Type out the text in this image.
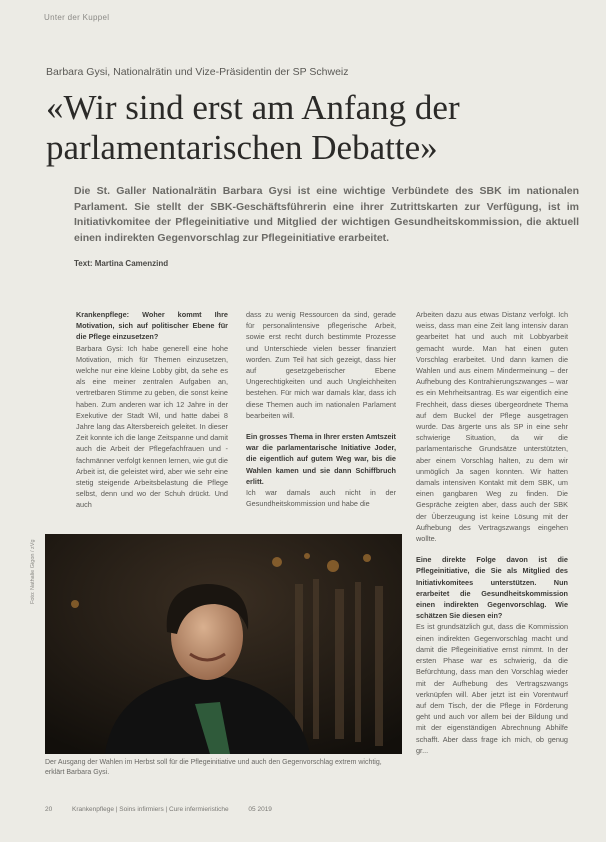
Unter der Kuppel
Barbara Gysi, Nationalrätin und Vize-Präsidentin der SP Schweiz
«Wir sind erst am Anfang der parlamentarischen Debatte»

Die St. Galler Nationalrätin Barbara Gysi ist eine wichtige Verbündete des SBK im nationalen Parlament. Sie stellt der SBK-Geschäftsführerin eine ihrer Zutrittskarten zur Verfügung, ist im Initiativkomitee der Pflegeinitiative und Mitglied der wichtigen Gesundheitskommission, die aktuell einen indirekten Gegenvorschlag zur Pflegeinitiative erarbeitet.

Text: Martina Camenzind

Krankenpflege: Woher kommt Ihre Motivation, sich auf politischer Ebene für die Pflege einzusetzen?

Barbara Gysi: Ich habe generell eine hohe Motivation, mich für Themen einzusetzen, welche nur eine kleine Lobby gibt, da sehe es als eine meiner zentralen Aufgaben an, vertretbaren Stimme zu geben, die sonst keine haben. Zum anderen war ich 12 Jahre in der Exekutive der Stadt Wil, und hatte dabei 8 Jahre lang das Altersbereich geleitet. In dieser Zeit konnte ich die lange Zeitspanne und damit auch die Arbeit der Pflegefachfrauen und -fachmänner verfolgt kennen lernen, wie gut die Arbeit ist, die geleistet wird, aber wie sehr eine stetig steigende Arbeitsbelastung die Pflege selbst, denn und wo der Schuh drückt. Und auch

dass zu wenig Ressourcen da sind, gerade für personalintensive pflegerische Arbeit, sowie erst recht durch bestimmte Prozesse und Unterschiede vielen besser finanziert worden. Zum Teil hat sich gezeigt, dass hier auf gesetzgeberischer Ebene Ungerechtigkeiten und auch Ungleichheiten bestehen. Für mich war damals klar, dass ich diese Themen auch im nationalen Parlament bearbeiten will.

Ein grosses Thema in Ihrer ersten Amtszeit war die parlamentarische Initiative Joder, die eigentlich auf gutem Weg war, bis die Wahlen kamen und sie dann Schiffbruch erlitt.

Ich war damals auch nicht in der Gesundheitskommission und habe die

Arbeiten dazu aus etwas Distanz verfolgt. Ich weiss, dass man eine Zeit lang intensiv daran gearbeitet hat und auch mit Lobbyarbeit gemacht wurde. Man hat einen guten Vorschlag erarbeitet. Und dann kamen die Wahlen und aus einem Mindermeinung – der Aufhebung des Kontrahierungszwanges – war es ein Mehrheitsantrag. Es war eigentlich eine Frechheit, dass dieses übergeordnete Thema auf dem Buckel der Pflege ausgetragen wurde. Das ärgerte uns als SP in eine sehr schwierige Situation, da wir die parlamentarische Grundsätze unterstützten, aber einem Vorschlag halten, zu dem wir unmöglich Ja sagen konnten. Wir hatten damals intensiven Kontakt mit dem SBK, um einen gangbaren Weg zu finden. Die Gespräche zeigten aber, dass auch der SBK der Überzeugung ist keine Lösung mit der Aufhebung des Vertragszwangs eingehen wollte.

Eine direkte Folge davon ist die Pflegeinitiative, die Sie als Mitglied des Initiativkomitees unterstützen. Nun erarbeitet die Gesundheitskommission einen indirekten Gegenvorschlag. Wie schätzen Sie diesen ein?

Es ist grundsätzlich gut, dass die Kommission einen indirekten Gegenvorschlag macht und damit die Pflegeinitiative ernst nimmt. In der ersten Phase war es schwierig, da die Befürchtung, dass man den Vorschlag wieder mit der Aufhebung des Vertragszwangs verknüpfen will. Aber jetzt ist ein Vorentwurf auf dem Tisch, der die Pflege in Förderung geht und auch vor allem bei der Bildung und mit der eigenständigen Abrechnung Abhilfe schafft. Aber dass frage ich mich, ob genug gr...

Foto: Nathalie Gigon / zVg

Der Ausgang der Wahlen im Herbst soll für die Pflegeinitiative und auch den Gegenvorschlag extrem wichtig, erklärt Barbara Gysi.

20	Krankenpflege | Soins infirmiers | Cure infermieristiche	05 2019
